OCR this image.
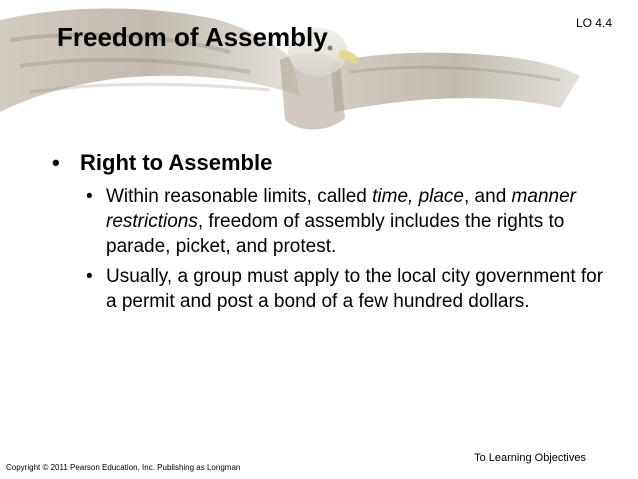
LO 4.4
Freedom of Assembly
• Right to Assemble
• Within reasonable limits, called time, place, and manner restrictions, freedom of assembly includes the rights to parade, picket, and protest.
• Usually, a group must apply to the local city government for a permit and post a bond of a few hundred dollars.
To Learning Objectives
Copyright © 2011 Pearson Education, Inc. Publishing as Longman
